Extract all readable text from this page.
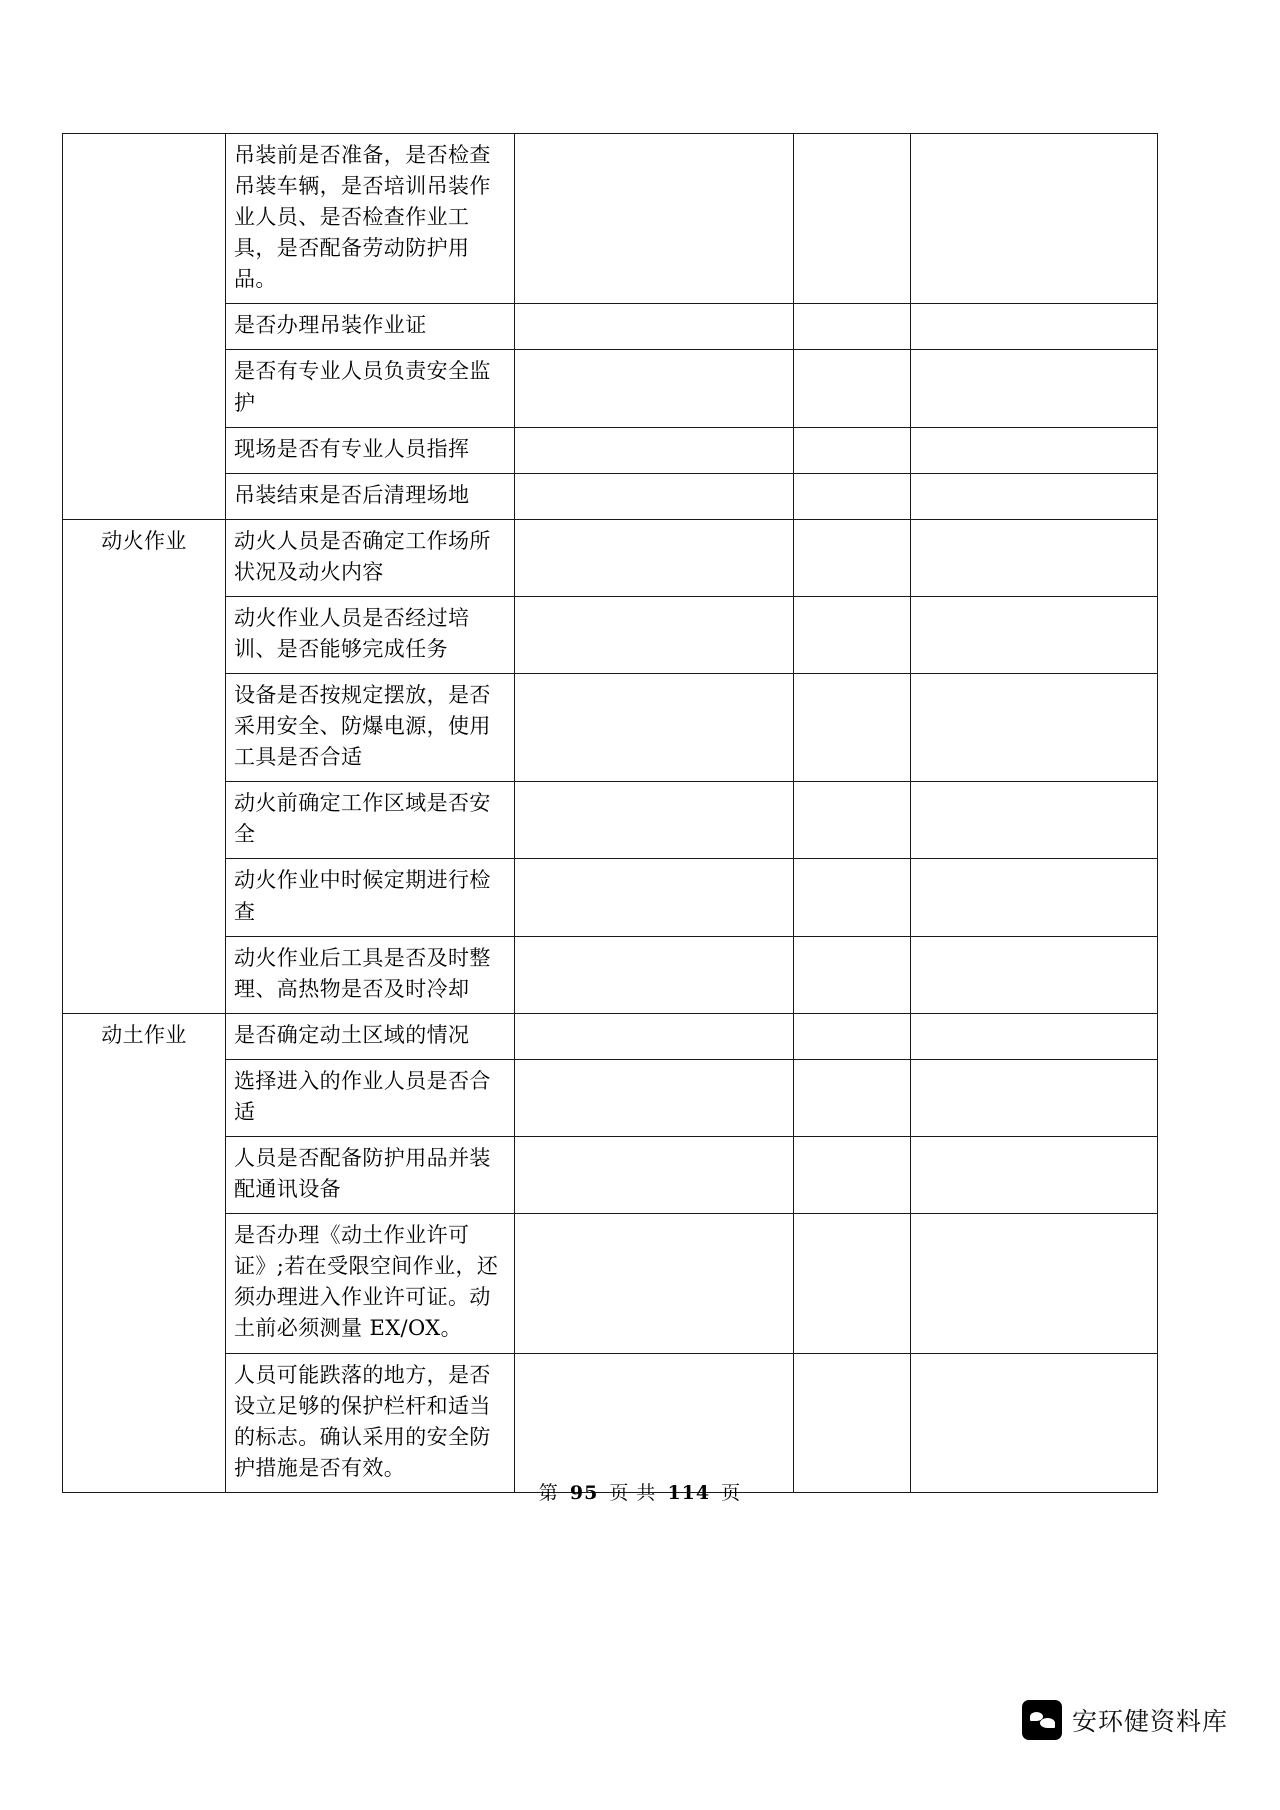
	吊装前是否准备，是否检查吊装车辆，是否培训吊装作业人员、是否检查作业工具，是否配备劳动防护用品。			
	是否办理吊装作业证			
	是否有专业人员负责安全监护			
	现场是否有专业人员指挥			
	吊装结束是否后清理场地			
动火作业	动火人员是否确定工作场所状况及动火内容			
	动火作业人员是否经过培训、是否能够完成任务			
	设备是否按规定摆放，是否采用安全、防爆电源，使用工具是否合适			
	动火前确定工作区域是否安全			
	动火作业中时候定期进行检查			
	动火作业后工具是否及时整理、高热物是否及时冷却			
动土作业	是否确定动土区域的情况			
	选择进入的作业人员是否合适			
	人员是否配备防护用品并装配通讯设备			
	是否办理《动土作业许可证》;若在受限空间作业，还须办理进入作业许可证。动土前必须测量 EX/OX。			
	人员可能跌落的地方，是否设立足够的保护栏杆和适当的标志。确认采用的安全防护措施是否有效。			
第 95 页 共 114 页
安环健资料库
